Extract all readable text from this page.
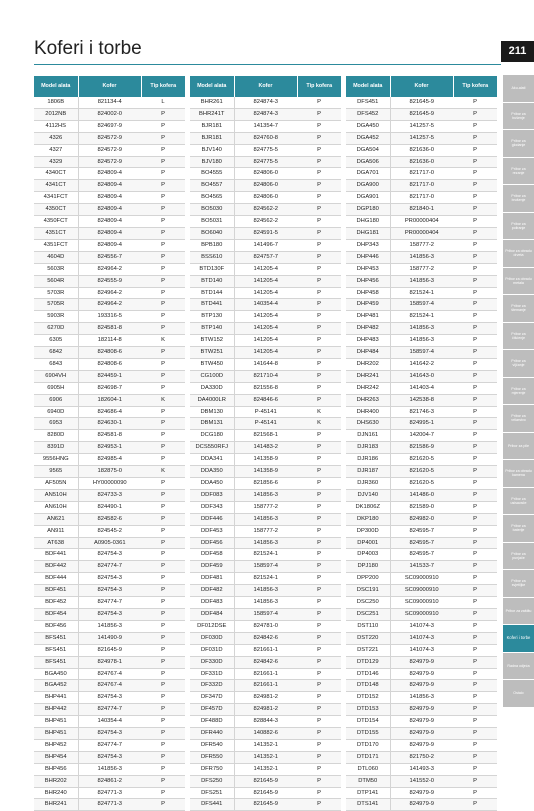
Koferi i torbe	211
Model alata	Kofer	Tip kofera
1806B	821134-4	L
2012NB	824002-0	P
4112HS	824697-9	P
4326	824572-9	P
4327	824572-9	P
4329	824572-9	P
4340CT	824809-4	P
4341CT	824809-4	P
4341FCT	824809-4	P
4350CT	824809-4	P
4350FCT	824809-4	P
4351CT	824809-4	P
4351FCT	824809-4	P
4604D	824556-7	P
5603R	824964-2	P
5604R	824555-9	P
5703R	824964-2	P
5705R	824964-2	P
5903R	193316-5	P
6270D	824581-8	P
6305	182114-8	K
6842	824808-6	P
6843	824808-6	P
6904VH	824459-1	P
6905H	824698-7	P
6906	182604-1	K
6940D	824686-4	P
6953	824630-1	P
8280D	824581-8	P
8391D	824953-1	P
9556HNG	824985-4	P
9565	182875-0	K
AF505N	HY00000090	P
AN510H	824733-3	P
AN610H	824490-1	P
AN621	824582-6	P
AN911	824545-2	P
AT638	A0905-0361	P
BDF441	824754-3	P
BDF442	824774-7	P
BDF444	824754-3	P
BDF451	824754-3	P
BDF452	824774-7	P
BDF454	824754-3	P
BDF456	141856-3	P
BFS451	141490-9	P
BFS451	821645-9	P
BFS451	824978-1	P
BGA450	824767-4	P
BGA452	824767-4	P
BHP441	824754-3	P
BHP442	824774-7	P
BHP451	140354-4	P
BHP451	824754-3	P
BHP452	824774-7	P
BHP454	824754-3	P
BHP456	141856-3	P
BHR202	824861-2	P
BHR240	824771-3	P
BHR241	824771-3	P
Model alata	Kofer	Tip kofera
BHR261	824874-3	P
BHR241T	824874-3	P
BJR181	141354-7	P
BJR181	824760-8	P
BJV140	824775-5	P
BJV180	824775-5	P
BO4555	824806-0	P
BO4557	824806-0	P
BO4565	824806-0	P
BO5030	824562-2	P
BO5031	824562-2	P
BO6040	824591-5	P
BPB180	141496-7	P
BSS610	824757-7	P
BTD130F	141205-4	P
BTD140	141205-4	P
BTD144	141205-4	P
BTD441	140354-4	P
BTP130	141205-4	P
BTP140	141205-4	P
BTW152	141205-4	P
BTW251	141205-4	P
BTW450	141644-8	P
CG100D	821710-4	P
DA330D	821556-8	P
DA4000LR	824846-6	P
DBM130	P-45141	K
DBM131	P-45141	K
DCG180	821568-1	P
DCS550RFJ	141483-2	P
DDA341	141358-9	P
DDA350	141358-9	P
DDA450	821856-6	P
DDF083	141856-3	P
DDF343	158777-2	P
DDF446	141856-3	P
DDF453	158777-2	P
DDF456	141856-3	P
DDF458	821524-1	P
DDF459	158597-4	P
DDF481	821524-1	P
DDF482	141856-3	P
DDF483	141856-3	P
DDF484	158597-4	P
DF012DSE	824781-0	P
DF030D	824842-6	P
DF031D	821661-1	P
DF330D	824842-6	P
DF331D	821661-1	P
DF332D	821661-1	P
DF347D	824981-2	P
DF457D	824981-2	P
DF488D	828844-3	P
DFR440	140882-6	P
DFR540	141352-1	P
DFR550	141352-1	P
DFR750	141352-1	P
DFS250	821645-9	P
DFS251	821645-9	P
DFS441	821645-9	P
Model alata	Kofer	Tip kofera
DFS451	821645-9	P
DFS452	821645-9	P
DGA450	141257-5	P
DGA452	141257-5	P
DGA504	821636-0	P
DGA506	821636-0	P
DGA701	821717-0	P
DGA900	821717-0	P
DGA901	821717-0	P
DGP180	821840-1	P
DHG180	PR00000404	P
DHG181	PR00000404	P
DHP343	158777-2	P
DHP446	141856-3	P
DHP453	158777-2	P
DHP456	141856-3	P
DHP458	821524-1	P
DHP459	158597-4	P
DHP481	821524-1	P
DHP482	141856-3	P
DHP483	141856-3	P
DHP484	158597-4	P
DHR202	141642-2	P
DHR241	141643-0	P
DHR242	141403-4	P
DHR263	142538-8	P
DHR400	821746-3	P
DHS630	824995-1	P
DJN161	142004-7	P
DJR183	821586-9	P
DJR186	821620-5	P
DJR187	821620-5	P
DJR360	821620-5	P
DJV140	141486-0	P
DK1806Z	821589-0	P
DKP180	824982-0	P
DP300D	824595-7	P
DP4001	824595-7	P
DP4003	824595-7	P
DPJ180	141533-7	P
DPP200	SC09000910	P
DSC191	SC09000910	P
DSC250	SC09000910	P
DSC251	SC09000910	P
DST110	141074-3	P
DST220	141074-3	P
DST221	141074-3	P
DTD129	824979-9	P
DTD146	824979-9	P
DTD148	824979-9	P
DTD152	141856-3	P
DTD153	824979-9	P
DTD154	824979-9	P
DTD155	824979-9	P
DTD170	824979-9	P
DTD171	821750-2	P
DTL060	141493-3	P
DTM50	141552-0	P
DTP141	824979-9	P
DTS141	824979-9	P
Aku-alati
Pribor za bušenje
Pribor za glodanje
Pribor za rezanje
Pribor za brušenje
Pribor za poliranje
Pribor za obradu drveta
Pribor za obradu metala
Pribor za štemanje
Pribor za čišćenje
Pribor za vijčanje
Pribor za mjerenje
Pribor za vrtlarstvo
Pribor za pile
Pribor za obradu kamena
Pribor za usisavače
Pribor za baterije
Pribor za punjače
Pribor za svjetiljke
Pribor za zaštitu
Koferi i torbe
Radna odjeća
Ostalo
